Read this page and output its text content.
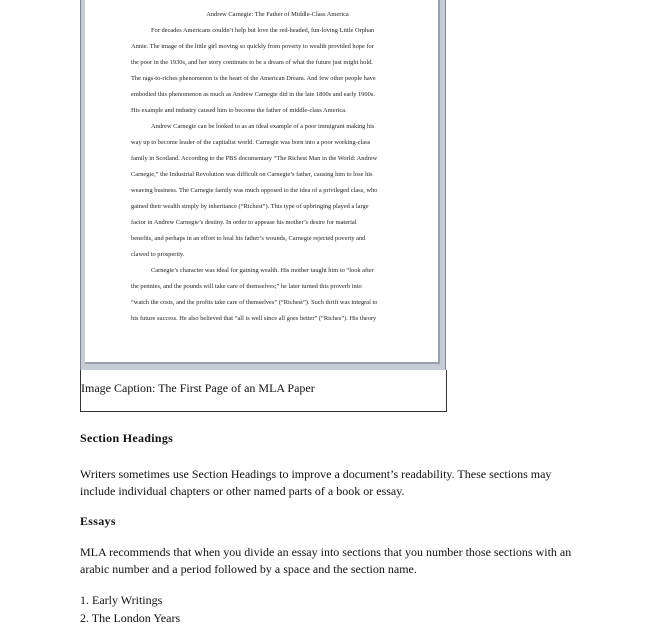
Andrew Carnegie: The Father of Middle-Class America

For decades Americans couldn’t help but love the red-headed, fun-loving Little Orphan

Annie. The image of the little girl moving so quickly from poverty to wealth provided hope for

the poor in the 1930s, and her story continues to be a dream of what the future just might hold.

The rags-to-riches phenomenon is the heart of the American Dream. And few other people have

embodied this phenomenon as much as Andrew Carnegie did in the late 1800s and early 1900s.

His example and industry caused him to become the father of middle-class America.

Andrew Carnegie can be looked to as an ideal example of a poor immigrant making his

way up to become leader of the capitalist world. Carnegie was born into a poor working-class

family in Scotland. According to the PBS documentary “The Richest Man in the World: Andrew

Carnegie,” the Industrial Revolution was difficult on Carnegie’s father, causing him to lose his

weaving business. The Carnegie family was much opposed to the idea of a privileged class, who

gained their wealth simply by inheritance (“Richest”). This type of upbringing played a large

factor in Andrew Carnegie’s destiny. In order to appease his mother’s desire for material

benefits, and perhaps in an effort to heal his father’s wounds, Carnegie rejected poverty and

clawed to prosperity.

Carnegie’s character was ideal for gaining wealth. His mother taught him to “look after

the pennies, and the pounds will take care of themselves;” he later turned this proverb into

“watch the costs, and the profits take care of themselves” (“Richest”). Such thrift was integral to

his future success. He also believed that “all is well since all goes better” (“Riches”). His theory

Image Caption: The First Page of an MLA Paper
Section Headings

Writers sometimes use Section Headings to improve a document’s readability. These sections may include individual chapters or other named parts of a book or essay.

Essays

MLA recommends that when you divide an essay into sections that you number those sections with an arabic number and a period followed by a space and the section name.

1. Early Writings
2. The London Years
